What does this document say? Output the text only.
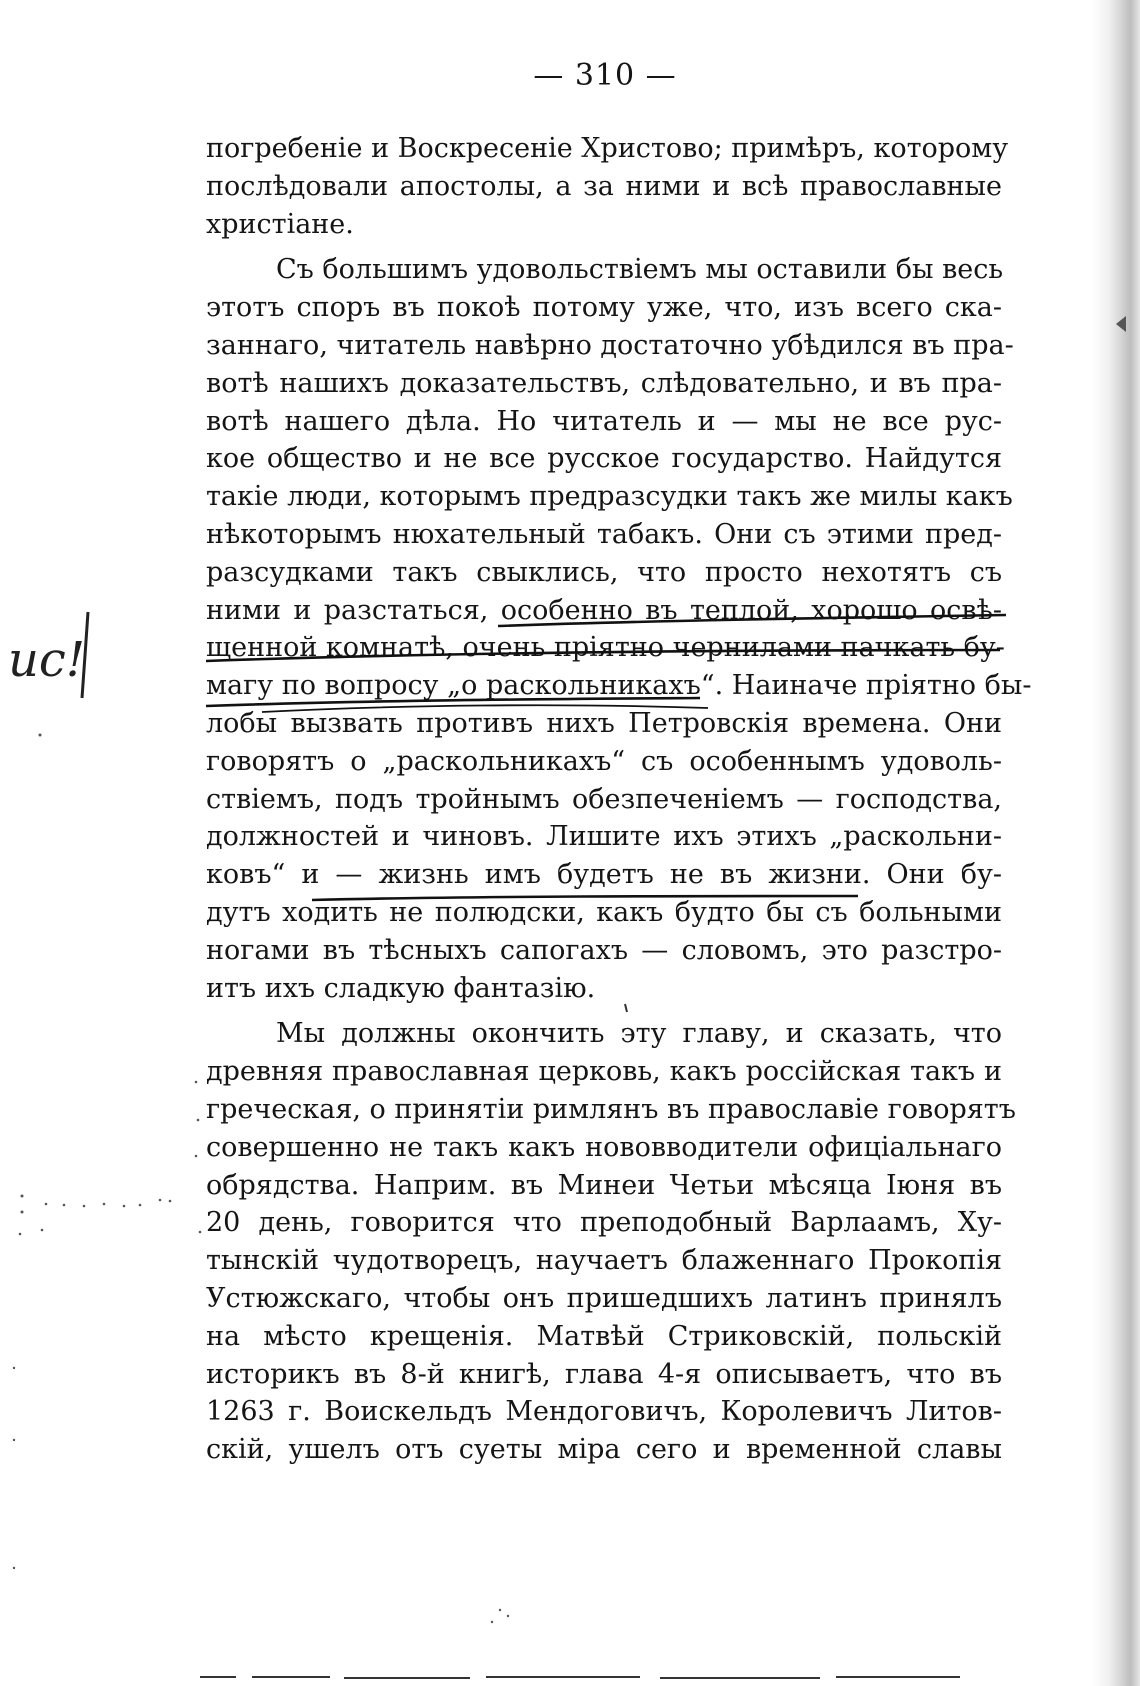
— 310 —
погребеніе и Воскресеніе Христово; примѣръ, которому
послѣдовали апостолы, а за ними и всѣ православные
христіане.
Съ большимъ удовольствіемъ мы оставили бы весь
этотъ споръ въ покоѣ потому уже, что, изъ всего ска-
заннаго, читатель навѣрно достаточно убѣдился въ пра-
вотѣ нашихъ доказательствъ, слѣдовательно, и въ пра-
вотѣ нашего дѣла. Но читатель и — мы не все рус-
кое общество и не все русское государство. Найдутся
такіе люди, которымъ предразсудки такъ же милы какъ
нѣкоторымъ нюхательный табакъ. Они съ этими пред-
разсудками такъ свыклись, что просто нехотятъ съ
ними и разстаться, особенно въ теплой, хорошо освѣ-
щенной комнатѣ, очень пріятно чернилами пачкать бу-
магу по вопросу „о раскольникахъ“. Наиначе пріятно бы-
лобы вызвать противъ нихъ Петровскія времена. Они
говорятъ о „раскольникахъ“ съ особеннымъ удоволь-
ствіемъ, подъ тройнымъ обезпеченіемъ — господства,
должностей и чиновъ. Лишите ихъ этихъ „раскольни-
ковъ“ и — жизнь имъ будетъ не въ жизни. Они бу-
дутъ ходить не полюдски, какъ будто бы съ больными
ногами въ тѣсныхъ сапогахъ — словомъ, это разстро-
итъ ихъ сладкую фантазію.
Мы должны окончить эту главу, и сказать, что
древняя православная церковь, какъ россійская такъ и
греческая, о принятіи римлянъ въ православіе говорятъ
совершенно не такъ какъ нововводители офиціальнаго
обрядства. Наприм. въ Минеи Четьи мѣсяца Іюня въ
20 день, говорится что преподобный Варлаамъ, Ху-
тынскій чудотворецъ, научаетъ блаженнаго Прокопія
Устюжскаго, чтобы онъ пришедшихъ латинъ принялъ
на мѣсто крещенія. Матвѣй Стриковскій, польскій
историкъ въ 8-й книгѣ, глава 4-я описываетъ, что въ
1263 г. Воискельдъ Мендоговичъ, Королевичъ Литов-
скій, ушелъ отъ суеты міра сего и временной славы
ис!
